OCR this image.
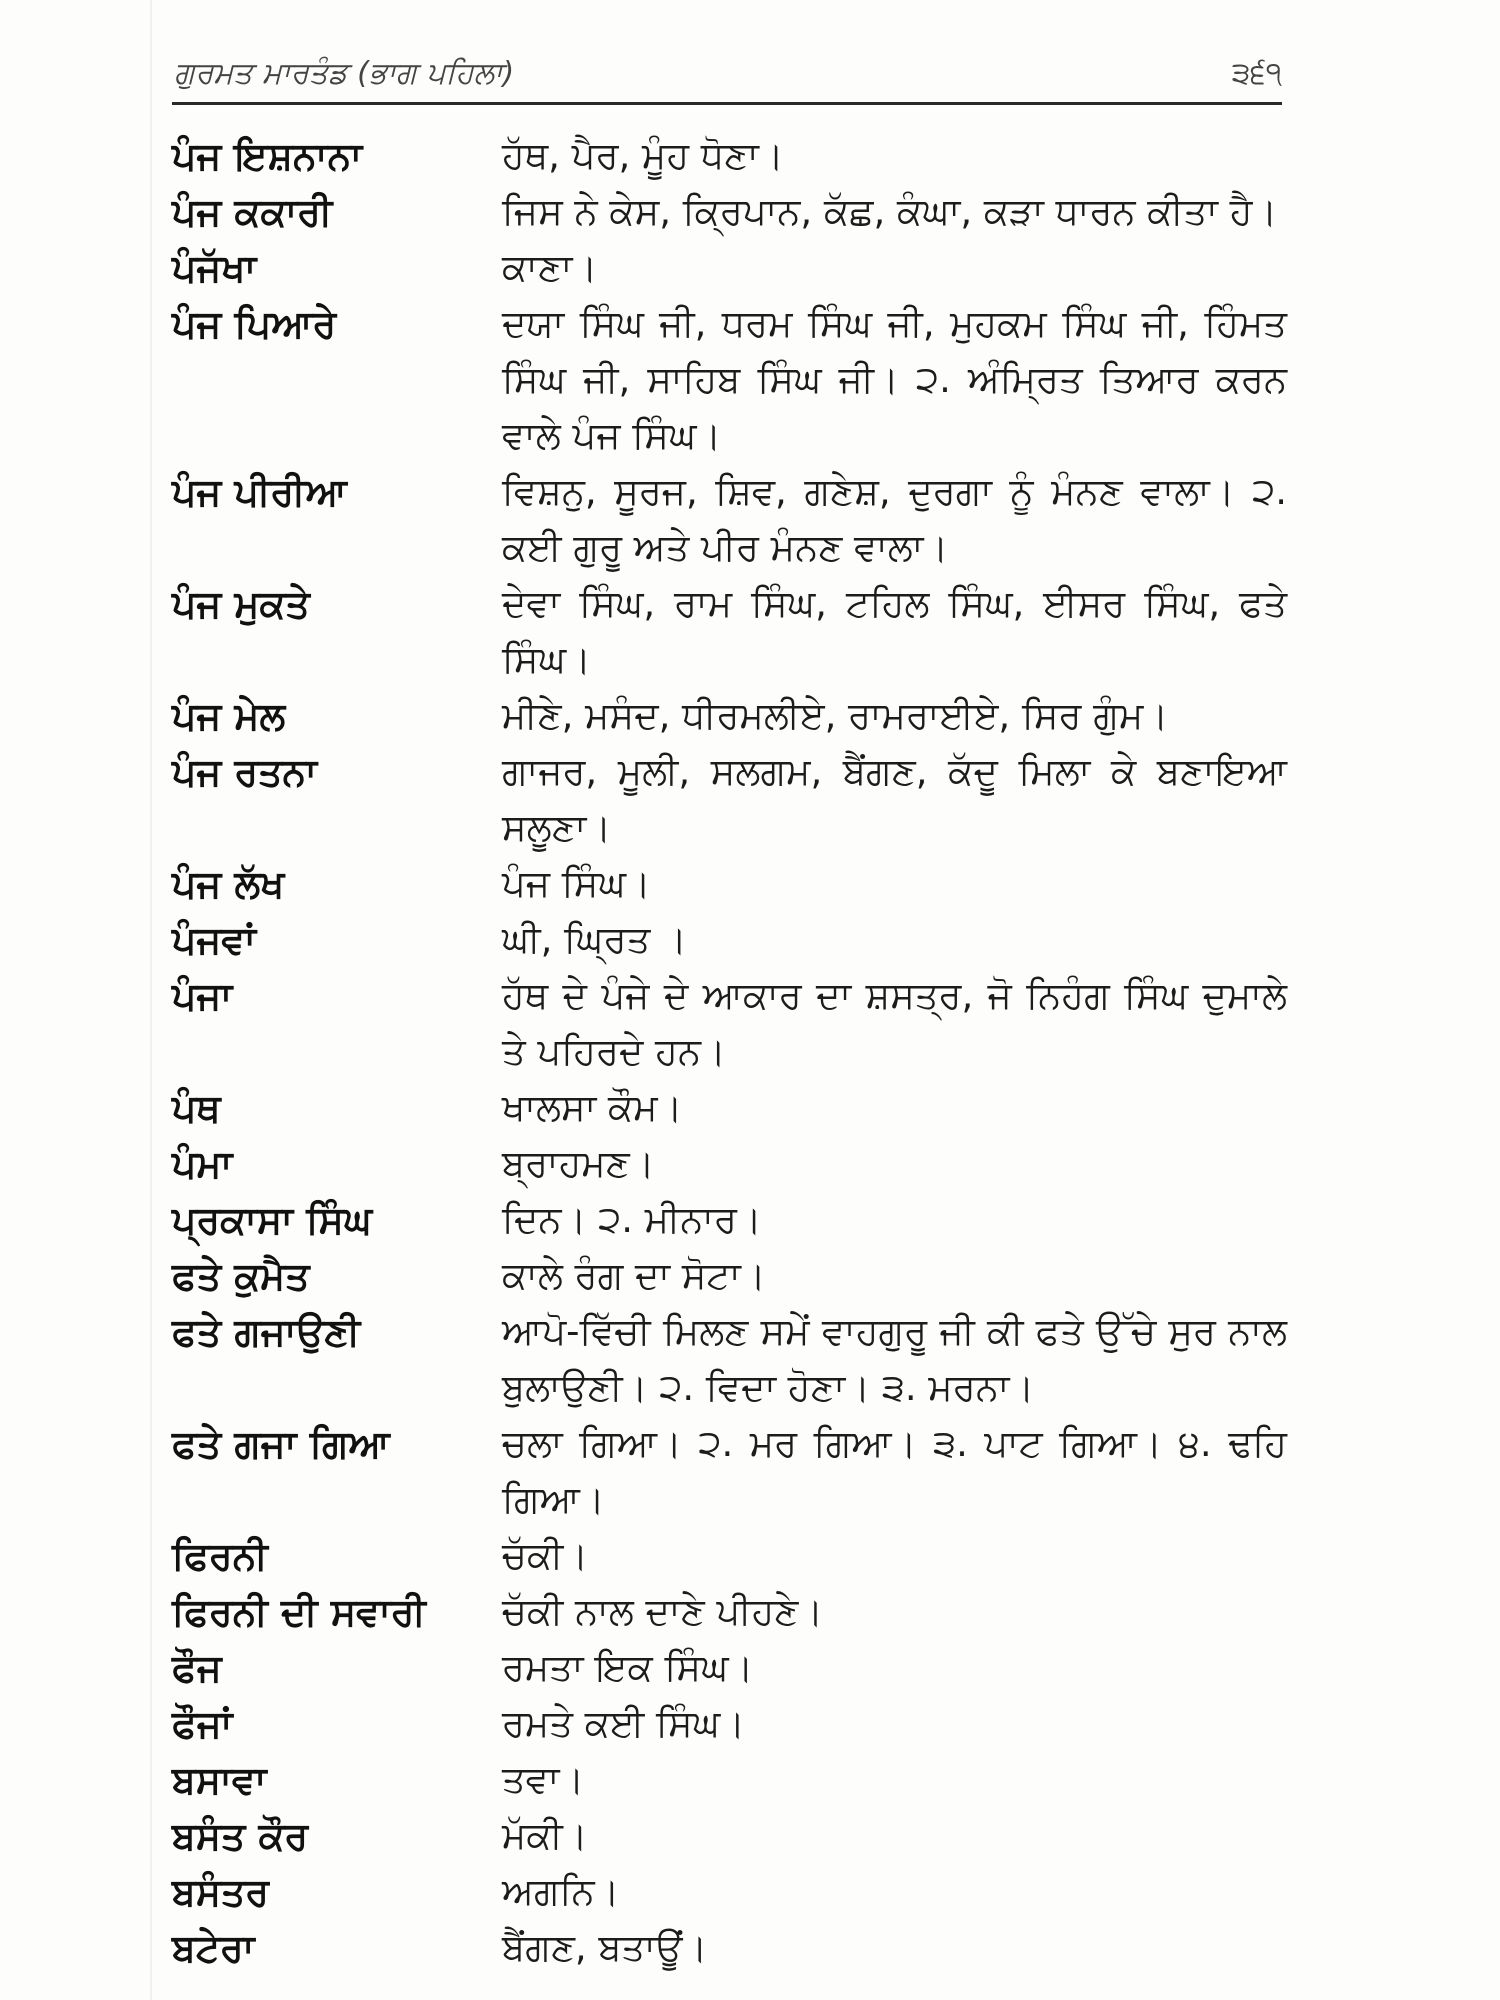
ਗੁਰਮਤ ਮਾਰਤੰਡ (ਭਾਗ ਪਹਿਲਾ)	੩੬੧
ਪੰਜ ਇਸ਼ਨਾਨਾ	ਹੱਥ, ਪੈਰ, ਮੂੰਹ ਧੋਣਾ।
ਪੰਜ ਕਕਾਰੀ	ਜਿਸ ਨੇ ਕੇਸ, ਕ੍ਰਿਪਾਨ, ਕੱਛ, ਕੰਘਾ, ਕੜਾ ਧਾਰਨ ਕੀਤਾ ਹੈ।
ਪੰਜੱਖਾ	ਕਾਣਾ।
ਪੰਜ ਪਿਆਰੇ	ਦਯਾ ਸਿੰਘ ਜੀ, ਧਰਮ ਸਿੰਘ ਜੀ, ਮੁਹਕਮ ਸਿੰਘ ਜੀ, ਹਿੰਮਤ ਸਿੰਘ ਜੀ, ਸਾਹਿਬ ਸਿੰਘ ਜੀ। ੨. ਅੰਮ੍ਰਿਤ ਤਿਆਰ ਕਰਨ ਵਾਲੇ ਪੰਜ ਸਿੰਘ।
ਪੰਜ ਪੀਰੀਆ	ਵਿਸ਼ਨੁ, ਸੂਰਜ, ਸ਼ਿਵ, ਗਣੇਸ਼, ਦੁਰਗਾ ਨੂੰ ਮੰਨਣ ਵਾਲਾ। ੨. ਕਈ ਗੁਰੂ ਅਤੇ ਪੀਰ ਮੰਨਣ ਵਾਲਾ।
ਪੰਜ ਮੁਕਤੇ	ਦੇਵਾ ਸਿੰਘ, ਰਾਮ ਸਿੰਘ, ਟਹਿਲ ਸਿੰਘ, ਈਸਰ ਸਿੰਘ, ਫਤੇ ਸਿੰਘ।
ਪੰਜ ਮੇਲ	ਮੀਣੇ, ਮਸੰਦ, ਧੀਰਮਲੀਏ, ਰਾਮਰਾਈਏ, ਸਿਰ ਗੁੰਮ।
ਪੰਜ ਰਤਨਾ	ਗਾਜਰ, ਮੂਲੀ, ਸਲਗਮ, ਬੈਂਗਣ, ਕੱਦੂ ਮਿਲਾ ਕੇ ਬਣਾਇਆ ਸਲੂਣਾ।
ਪੰਜ ਲੱਖ	ਪੰਜ ਸਿੰਘ।
ਪੰਜਵਾਂ	ਘੀ, ਘ੍ਰਿਤ ।
ਪੰਜਾ	ਹੱਥ ਦੇ ਪੰਜੇ ਦੇ ਆਕਾਰ ਦਾ ਸ਼ਸਤ੍ਰ, ਜੋ ਨਿਹੰਗ ਸਿੰਘ ਦੁਮਾਲੇ ਤੇ ਪਹਿਰਦੇ ਹਨ।
ਪੰਥ	ਖਾਲਸਾ ਕੌਮ।
ਪੰਮਾ	ਬ੍ਰਾਹਮਣ।
ਪ੍ਰਕਾਸਾ ਸਿੰਘ	ਦਿਨ। ੨. ਮੀਨਾਰ।
ਫਤੇ ਕੁਮੈਤ	ਕਾਲੇ ਰੰਗ ਦਾ ਸੋਟਾ।
ਫਤੇ ਗਜਾਉਣੀ	ਆਪੋ-ਵਿੱਚੀ ਮਿਲਣ ਸਮੇਂ ਵਾਹਗੁਰੂ ਜੀ ਕੀ ਫਤੇ ਉੱਚੇ ਸੁਰ ਨਾਲ ਬੁਲਾਉਣੀ। ੨. ਵਿਦਾ ਹੋਣਾ। ੩. ਮਰਨਾ।
ਫਤੇ ਗਜਾ ਗਿਆ	ਚਲਾ ਗਿਆ। ੨. ਮਰ ਗਿਆ। ੩. ਪਾਟ ਗਿਆ। ੪. ਢਹਿ ਗਿਆ।
ਫਿਰਨੀ	ਚੱਕੀ।
ਫਿਰਨੀ ਦੀ ਸਵਾਰੀ	ਚੱਕੀ ਨਾਲ ਦਾਣੇ ਪੀਹਣੇ।
ਫੌਜ	ਰਮਤਾ ਇਕ ਸਿੰਘ।
ਫੌਜਾਂ	ਰਮਤੇ ਕਈ ਸਿੰਘ।
ਬਸਾਵਾ	ਤਵਾ।
ਬਸੰਤ ਕੌਰ	ਮੱਕੀ।
ਬਸੰਤਰ	ਅਗਨਿ।
ਬਟੇਰਾ	ਬੈਂਗਣ, ਬਤਾਊਂ।
